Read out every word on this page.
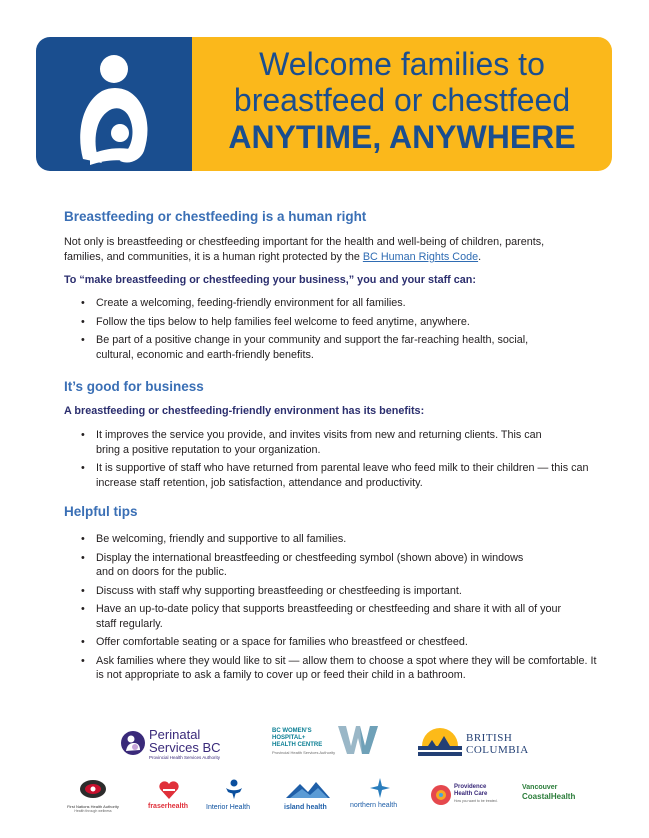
Welcome families to
breastfeed or chestfeed
ANYTIME, ANYWHERE
Breastfeeding or chestfeeding is a human right

Not only is breastfeeding or chestfeeding important for the health and well-being of children, parents, families, and communities, it is a human right protected by the BC Human Rights Code.

To “make breastfeeding or chestfeeding your business,” you and your staff can:

• Create a welcoming, feeding-friendly environment for all families.
• Follow the tips below to help families feel welcome to feed anytime, anywhere.
• Be part of a positive change in your community and support the far-reaching health, social, cultural, economic and earth-friendly benefits.
It’s good for business

A breastfeeding or chestfeeding-friendly environment has its benefits:

• It improves the service you provide, and invites visits from new and returning clients. This can bring a positive reputation to your organization.
• It is supportive of staff who have returned from parental leave who feed milk to their children — this can increase staff retention, job satisfaction, attendance and productivity.
Helpful tips
• Be welcoming, friendly and supportive to all families.
• Display the international breastfeeding or chestfeeding symbol (shown above) in windows and on doors for the public.
• Discuss with staff why supporting breastfeeding or chestfeeding is important.
• Have an up-to-date policy that supports breastfeeding or chestfeeding and share it with all of your staff regularly.
• Offer comfortable seating or a space for families who breastfeed or chestfeed.
• Ask families where they would like to sit — allow them to choose a spot where they will be comfortable. It is not appropriate to ask a family to cover up or feed their child in a bathroom.
Perinatal
Services BC
Provincial Health Services Authority
BC WOMEN’S
HOSPITAL+
HEALTH CENTRE
Provincial Health Services Authority
BRITISH
COLUMBIA
First Nations Health Authority
Health through wellness
fraserhealth	Interior Health	island health	northern health
Providence
Health Care
How you want to be treated.
Vancouver
CoastalHealth
